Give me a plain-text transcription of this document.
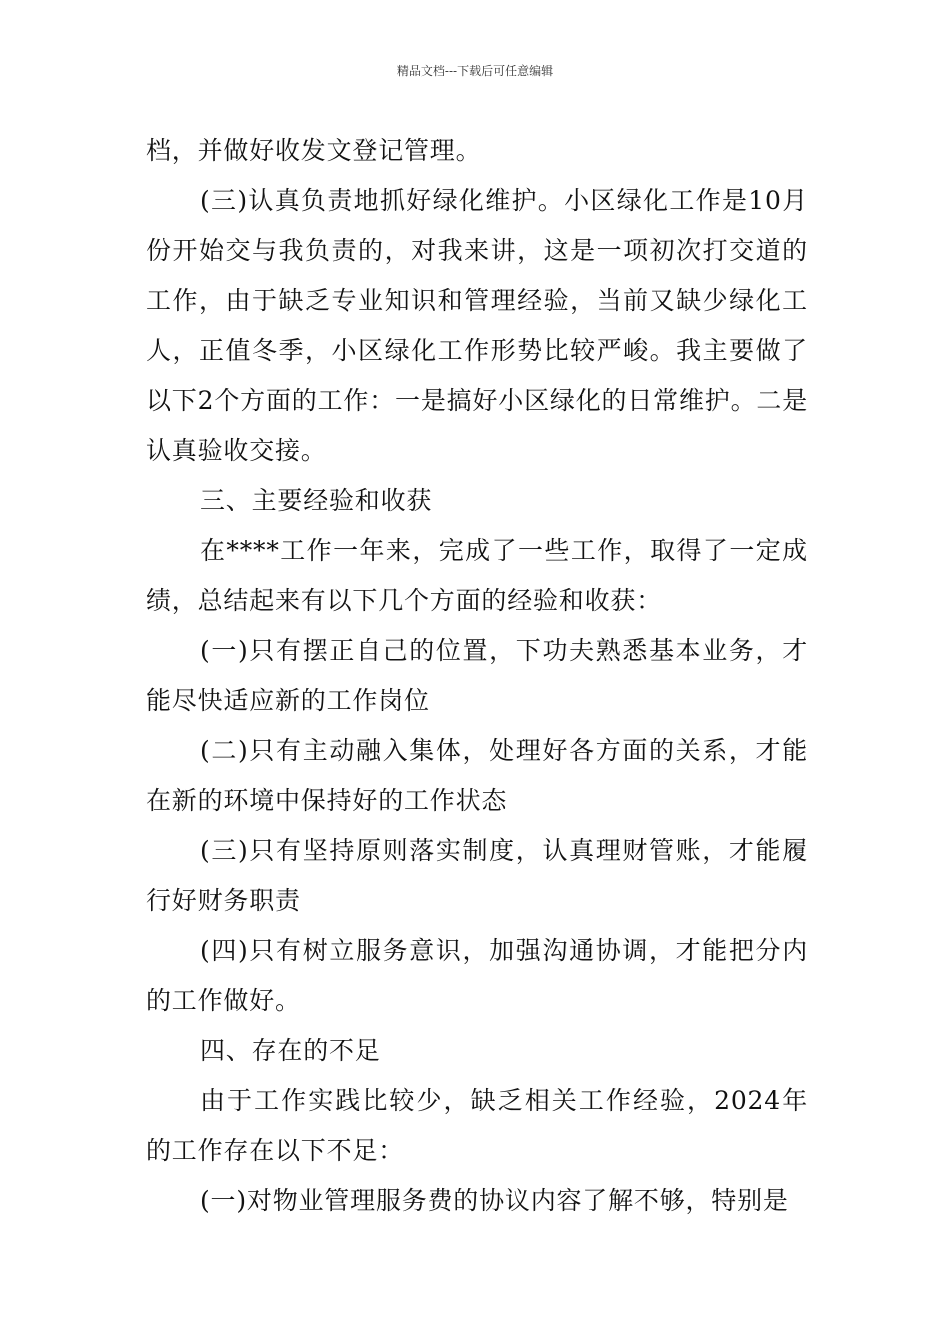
精品文档---下载后可任意编辑

档，并做好收发文登记管理。

(三)认真负责地抓好绿化维护。小区绿化工作是10月份开始交与我负责的，对我来讲，这是一项初次打交道的工作，由于缺乏专业知识和管理经验，当前又缺少绿化工人，正值冬季，小区绿化工作形势比较严峻。我主要做了以下2个方面的工作：一是搞好小区绿化的日常维护。二是认真验收交接。

三、主要经验和收获

在****工作一年来，完成了一些工作，取得了一定成绩，总结起来有以下几个方面的经验和收获：

(一)只有摆正自己的位置，下功夫熟悉基本业务，才能尽快适应新的工作岗位

(二)只有主动融入集体，处理好各方面的关系，才能在新的环境中保持好的工作状态

(三)只有坚持原则落实制度，认真理财管账，才能履行好财务职责

(四)只有树立服务意识，加强沟通协调，才能把分内的工作做好。

四、存在的不足

由于工作实践比较少，缺乏相关工作经验，2024年的工作存在以下不足：

(一)对物业管理服务费的协议内容了解不够，特别是
